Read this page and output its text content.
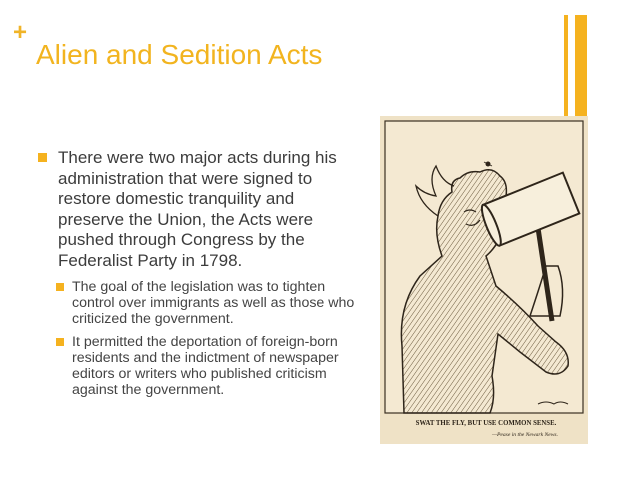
+
Alien and Sedition Acts
There were two major acts during his administration that were signed to restore domestic tranquility and preserve the Union, the Acts were pushed through Congress by the Federalist Party in 1798.
The goal of the legislation was to tighten control over immigrants as well as those who criticized the government.
It permitted the deportation of foreign-born residents and the indictment of newspaper editors or writers who published criticism against the government.
SWAT THE FLY, BUT USE COMMON SENSE.
—Pease in the Newark News.
